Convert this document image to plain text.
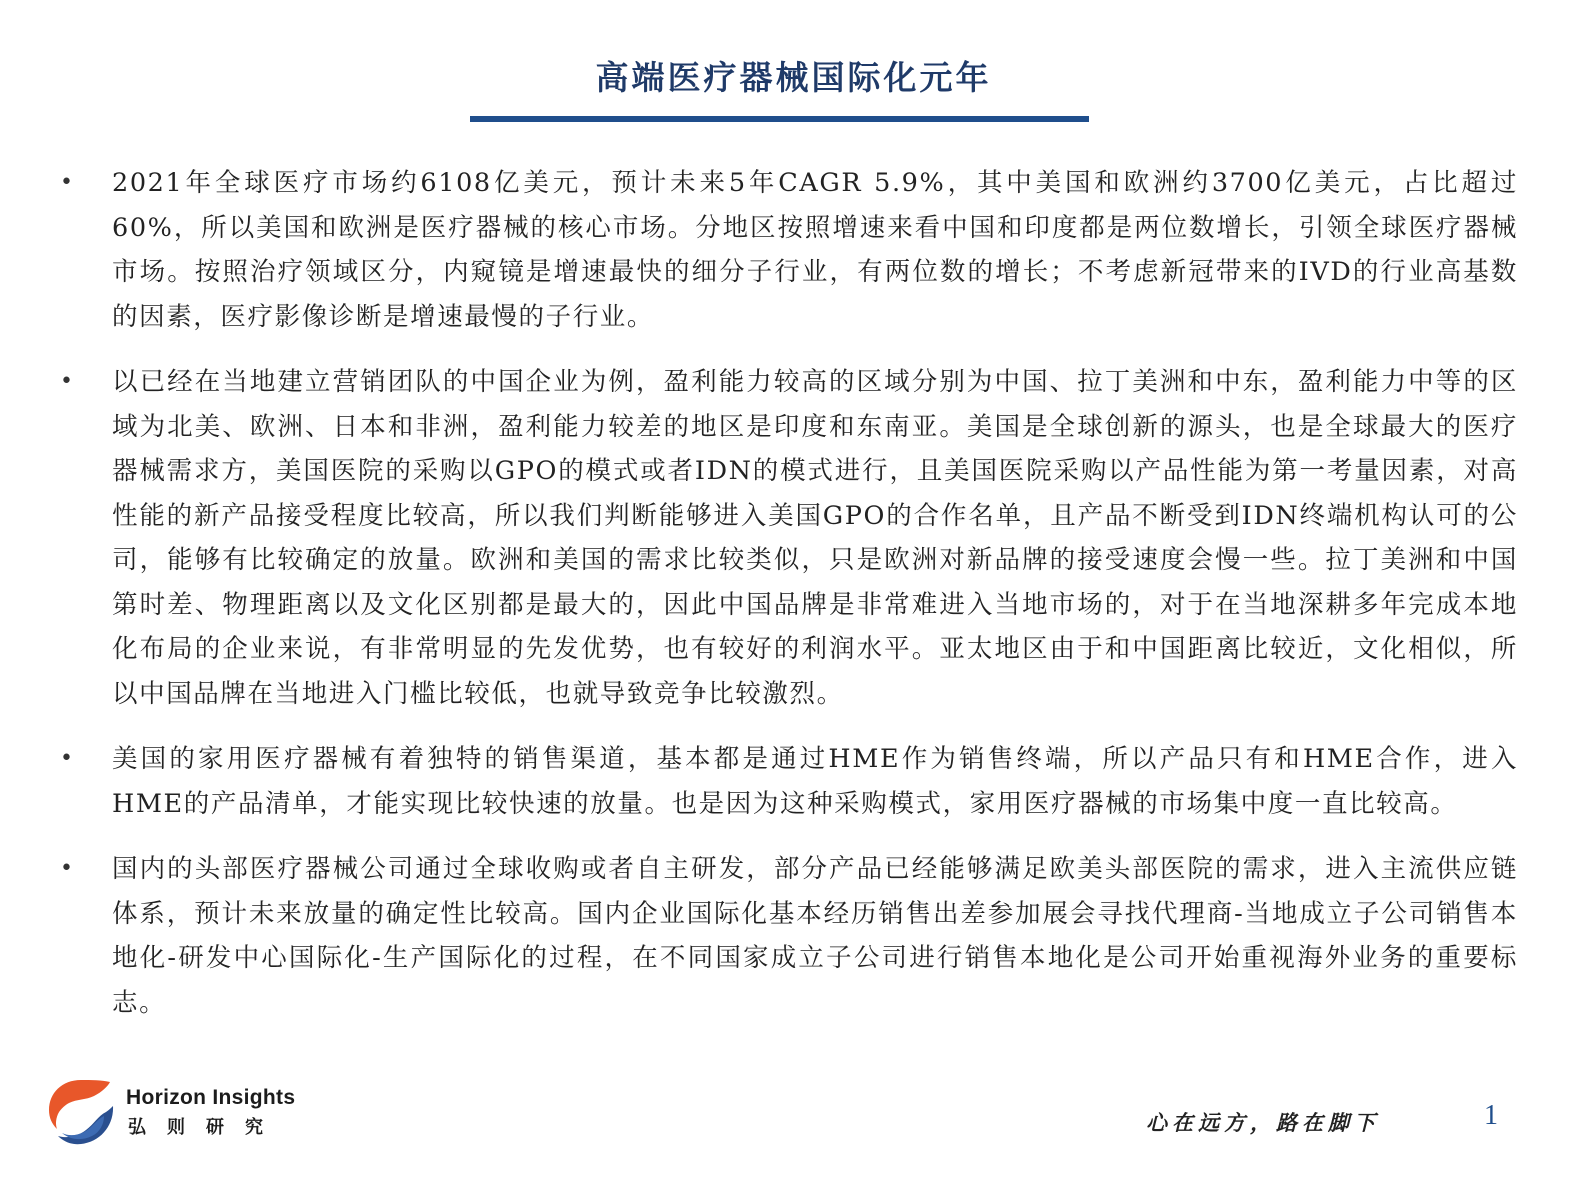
高端医疗器械国际化元年
• 2021年全球医疗市场约6108亿美元，预计未来5年CAGR 5.9%，其中美国和欧洲约3700亿美元，占比超过60%，所以美国和欧洲是医疗器械的核心市场。分地区按照增速来看中国和印度都是两位数增长，引领全球医疗器械市场。按照治疗领域区分，内窥镜是增速最快的细分子行业，有两位数的增长；不考虑新冠带来的IVD的行业高基数的因素，医疗影像诊断是增速最慢的子行业。
• 以已经在当地建立营销团队的中国企业为例，盈利能力较高的区域分别为中国、拉丁美洲和中东，盈利能力中等的区域为北美、欧洲、日本和非洲，盈利能力较差的地区是印度和东南亚。美国是全球创新的源头，也是全球最大的医疗器械需求方，美国医院的采购以GPO的模式或者IDN的模式进行，且美国医院采购以产品性能为第一考量因素，对高性能的新产品接受程度比较高，所以我们判断能够进入美国GPO的合作名单，且产品不断受到IDN终端机构认可的公司，能够有比较确定的放量。欧洲和美国的需求比较类似，只是欧洲对新品牌的接受速度会慢一些。拉丁美洲和中国第时差、物理距离以及文化区别都是最大的，因此中国品牌是非常难进入当地市场的，对于在当地深耕多年完成本地化布局的企业来说，有非常明显的先发优势，也有较好的利润水平。亚太地区由于和中国距离比较近，文化相似，所以中国品牌在当地进入门槛比较低，也就导致竞争比较激烈。
• 美国的家用医疗器械有着独特的销售渠道，基本都是通过HME作为销售终端，所以产品只有和HME合作，进入HME的产品清单，才能实现比较快速的放量。也是因为这种采购模式，家用医疗器械的市场集中度一直比较高。
• 国内的头部医疗器械公司通过全球收购或者自主研发，部分产品已经能够满足欧美头部医院的需求，进入主流供应链体系，预计未来放量的确定性比较高。国内企业国际化基本经历销售出差参加展会寻找代理商-当地成立子公司销售本地化-研发中心国际化-生产国际化的过程，在不同国家成立子公司进行销售本地化是公司开始重视海外业务的重要标志。
Horizon Insights
弘则研究	心在远方，路在脚下	1
